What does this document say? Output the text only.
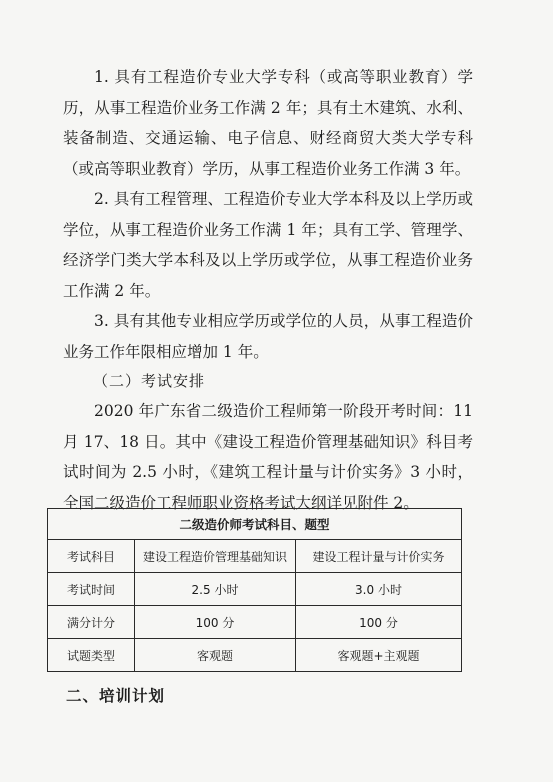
1. 具有工程造价专业大学专科（或高等职业教育）学历，从事工程造价业务工作满 2 年；具有土木建筑、水利、装备制造、交通运输、电子信息、财经商贸大类大学专科（或高等职业教育）学历，从事工程造价业务工作满 3 年。

2. 具有工程管理、工程造价专业大学本科及以上学历或学位，从事工程造价业务工作满 1 年；具有工学、管理学、经济学门类大学本科及以上学历或学位，从事工程造价业务工作满 2 年。

3. 具有其他专业相应学历或学位的人员，从事工程造价业务工作年限相应增加 1 年。

（二）考试安排

2020 年广东省二级造价工程师第一阶段开考时间：11 月 17、18 日。其中《建设工程造价管理基础知识》科目考试时间为 2.5 小时，《建筑工程计量与计价实务》3 小时，全国二级造价工程师职业资格考试大纲详见附件 2。

二级造价师考试科目、题型		
考试科目	建设工程造价管理基础知识	建设工程计量与计价实务
考试时间	2.5 小时	3.0 小时
满分计分	100 分	100 分
试题类型	客观题	客观题+主观题

二、培训计划
